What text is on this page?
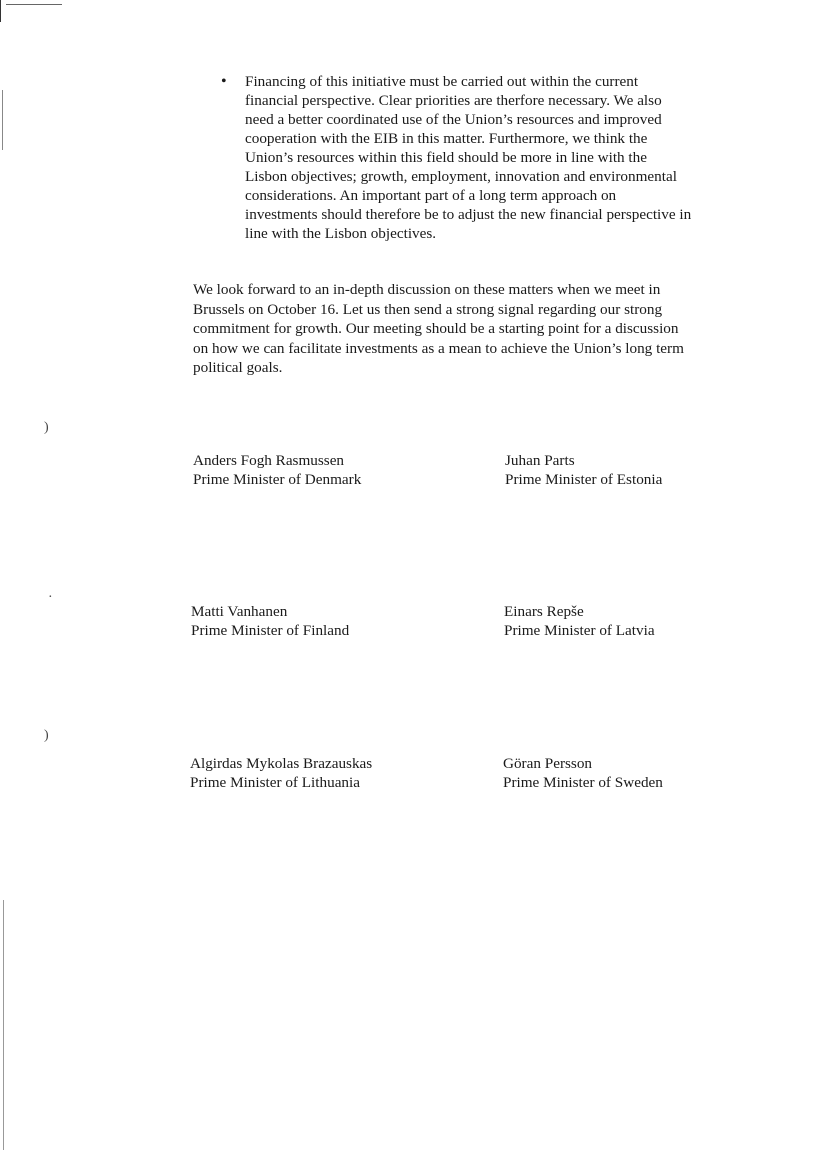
)
)
·
• Financing of this initiative must be carried out within the current
financial perspective. Clear priorities are therfore necessary. We also
need a better coordinated use of the Union’s resources and improved
cooperation with the EIB in this matter. Furthermore, we think the
Union’s resources within this field should be more in line with the
Lisbon objectives; growth, employment, innovation and environmental
considerations. An important part of a long term approach on
investments should therefore be to adjust the new financial perspective in
line with the Lisbon objectives.
We look forward to an in-depth discussion on these matters when we meet in
Brussels on October 16. Let us then send a strong signal regarding our strong
commitment for growth. Our meeting should be a starting point for a discussion
on how we can facilitate investments as a mean to achieve the Union’s long term
political goals.
Anders Fogh Rasmussen
Prime Minister of Denmark
Juhan Parts
Prime Minister of Estonia
Matti Vanhanen
Prime Minister of Finland
Einars Repše
Prime Minister of Latvia
Algirdas Mykolas Brazauskas
Prime Minister of Lithuania
Göran Persson
Prime Minister of Sweden
